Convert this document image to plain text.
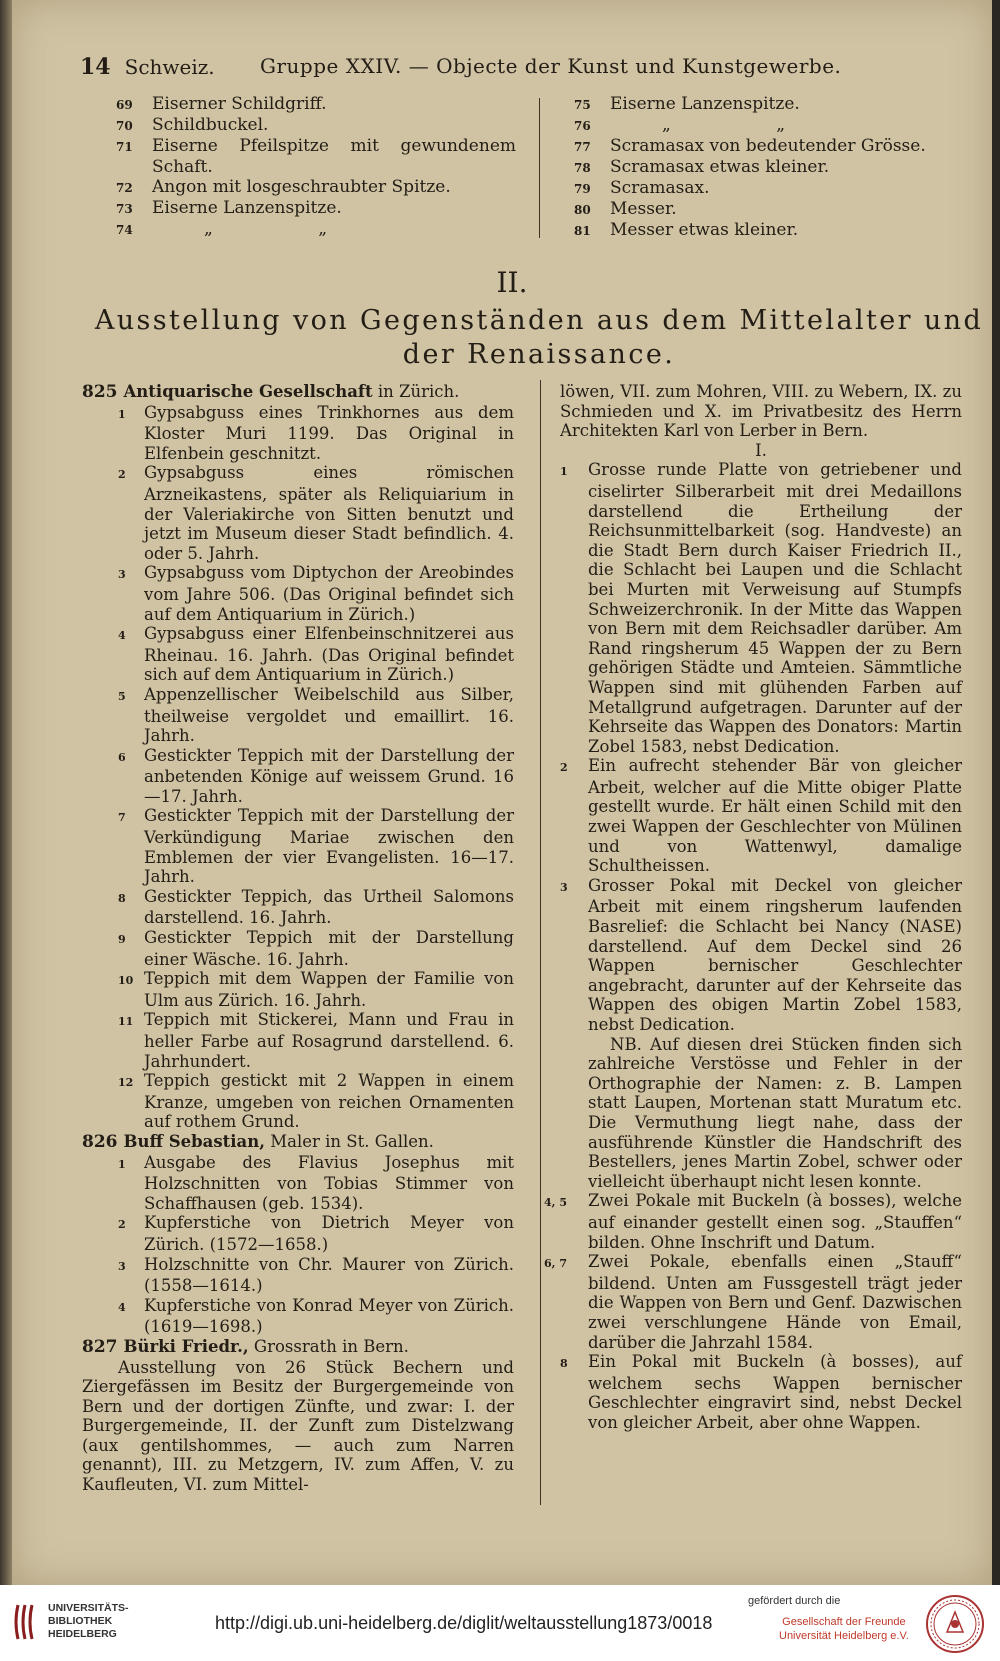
14 Schweiz. Gruppe XXIV. — Objecte der Kunst und Kunstgewerbe.

69 Eiserner Schildgriff.

70 Schildbuckel.

71 Eiserne Pfeilspitze mit gewundenem Schaft.

72 Angon mit losgeschraubter Spitze.

73 Eiserne Lanzenspitze.

74	„ „

75 Eiserne Lanzenspitze.

76	„ „

77 Scramasax von bedeutender Grösse.

78 Scramasax etwas kleiner.

79 Scramasax.

80 Messer.

81 Messer etwas kleiner.

II.
Ausstellung von Gegenständen aus dem Mittelalter und der Renaissance.

825 Antiquarische Gesellschaft in Zürich.

1 Gypsabguss eines Trinkhornes aus dem Kloster Muri 1199. Das Original in Elfenbein geschnitzt.

2 Gypsabguss eines römischen Arzneikastens, später als Reliquiarium in der Valeriakirche von Sitten benutzt und jetzt im Museum dieser Stadt befindlich. 4. oder 5. Jahrh.

3 Gypsabguss vom Diptychon der Areobindes vom Jahre 506. (Das Original befindet sich auf dem Antiquarium in Zürich.)

4 Gypsabguss einer Elfenbeinschnitzerei aus Rheinau. 16. Jahrh. (Das Original befindet sich auf dem Antiquarium in Zürich.)

5 Appenzellischer Weibelschild aus Silber, theilweise vergoldet und emaillirt. 16. Jahrh.

6 Gestickter Teppich mit der Darstellung der anbetenden Könige auf weissem Grund. 16—17. Jahrh.

7 Gestickter Teppich mit der Darstellung der Verkündigung Mariae zwischen den Emblemen der vier Evangelisten. 16—17. Jahrh.

8 Gestickter Teppich, das Urtheil Salomons darstellend. 16. Jahrh.

9 Gestickter Teppich mit der Darstellung einer Wäsche. 16. Jahrh.

10 Teppich mit dem Wappen der Familie von Ulm aus Zürich. 16. Jahrh.

11 Teppich mit Stickerei, Mann und Frau in heller Farbe auf Rosagrund darstellend. 6. Jahrhundert.

12 Teppich gestickt mit 2 Wappen in einem Kranze, umgeben von reichen Ornamenten auf rothem Grund.

826 Buff Sebastian, Maler in St. Gallen.

1 Ausgabe des Flavius Josephus mit Holzschnitten von Tobias Stimmer von Schaffhausen (geb. 1534).

2 Kupferstiche von Dietrich Meyer von Zürich. (1572—1658.)

3 Holzschnitte von Chr. Maurer von Zürich. (1558—1614.)

4 Kupferstiche von Konrad Meyer von Zürich. (1619—1698.)

827 Bürki Friedr., Grossrath in Bern.

Ausstellung von 26 Stück Bechern und Ziergefässen im Besitz der Burgergemeinde von Bern und der dortigen Zünfte, und zwar: I. der Burgergemeinde, II. der Zunft zum Distelzwang (aux gentilshommes, — auch zum Narren genannt), III. zu Metzgern, IV. zum Affen, V. zu Kaufleuten, VI. zum Mittel-

löwen, VII. zum Mohren, VIII. zu Webern, IX. zu Schmieden und X. im Privatbesitz des Herrn Architekten Karl von Lerber in Bern.

I.

1 Grosse runde Platte von getriebener und ciselirter Silberarbeit mit drei Medaillons darstellend die Ertheilung der Reichsunmittelbarkeit (sog. Handveste) an die Stadt Bern durch Kaiser Friedrich II., die Schlacht bei Laupen und die Schlacht bei Murten mit Verweisung auf Stumpfs Schweizerchronik. In der Mitte das Wappen von Bern mit dem Reichsadler darüber. Am Rand ringsherum 45 Wappen der zu Bern gehörigen Städte und Amteien. Sämmtliche Wappen sind mit glühenden Farben auf Metallgrund aufgetragen. Darunter auf der Kehrseite das Wappen des Donators: Martin Zobel 1583, nebst Dedication.

2 Ein aufrecht stehender Bär von gleicher Arbeit, welcher auf die Mitte obiger Platte gestellt wurde. Er hält einen Schild mit den zwei Wappen der Geschlechter von Mülinen und von Wattenwyl, damalige Schultheissen.

3 Grosser Pokal mit Deckel von gleicher Arbeit mit einem ringsherum laufenden Basrelief: die Schlacht bei Nancy (NASE) darstellend. Auf dem Deckel sind 26 Wappen bernischer Geschlechter angebracht, darunter auf der Kehrseite das Wappen des obigen Martin Zobel 1583, nebst Dedication.

NB. Auf diesen drei Stücken finden sich zahlreiche Verstösse und Fehler in der Orthographie der Namen: z. B. Lampen statt Laupen, Mortenan statt Muratum etc. Die Vermuthung liegt nahe, dass der ausführende Künstler die Handschrift des Bestellers, jenes Martin Zobel, schwer oder vielleicht überhaupt nicht lesen konnte.

4, 5 Zwei Pokale mit Buckeln (à bosses), welche auf einander gestellt einen sog. „Stauffen“ bilden. Ohne Inschrift und Datum.

6, 7 Zwei Pokale, ebenfalls einen „Stauff“ bildend. Unten am Fussgestell trägt jeder die Wappen von Bern und Genf. Dazwischen zwei verschlungene Hände von Email, darüber die Jahrzahl 1584.

8 Ein Pokal mit Buckeln (à bosses), auf welchem sechs Wappen bernischer Geschlechter eingravirt sind, nebst Deckel von gleicher Arbeit, aber ohne Wappen.

UNIVERSITÄTS-
BIBLIOTHEK
HEIDELBERG
http://digi.ub.uni-heidelberg.de/diglit/weltausstellung1873/0018
gefördert durch die
Gesellschaft der Freunde
Universität Heidelberg e.V.
